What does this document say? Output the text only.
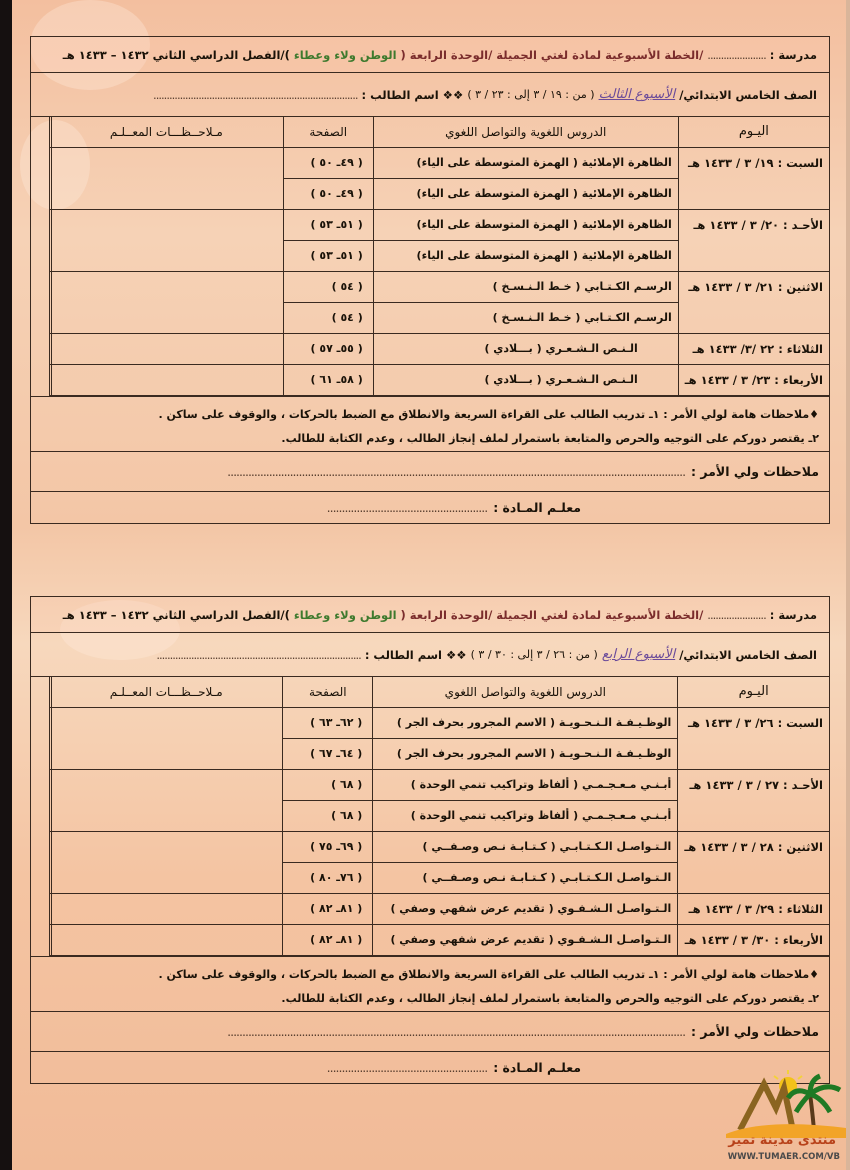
مدرسة :
......................
/الخطة الأسبوعية لمادة لغتي الجميلة /الوحدة الرابعة (
الوطن ولاء وعطاء
)/الفصل الدراسي الثاني ١٤٣٢ – ١٤٣٣ هـ
الصف الخامس الابتدائي/
الأسبوع الثالث
( من : ١٩ / ٣ إلى : ٢٣ / ٣ )
❖❖ اسم الطالب :
.............................................................................
اليـوم	الدروس اللغوية والتواصل اللغوي	الصفحة	مـلاحــظـــات المعــلـم
السبت : ١٩/ ٣ / ١٤٣٣ هـ	الظاهرة الإملائية ( الهمزة المتوسطة على الياء)	( ٤٩ـ ٥٠ )	
	الظاهرة الإملائية ( الهمزة المتوسطة على الياء)	( ٤٩ـ ٥٠ )	
الأحـد : ٢٠/ ٣ / ١٤٣٣ هـ	الظاهرة الإملائية ( الهمزة المتوسطة على الياء)	( ٥١ـ ٥٣ )	
	الظاهرة الإملائية ( الهمزة المتوسطة على الياء)	( ٥١ـ ٥٣ )	
الاثنين : ٢١/ ٣ / ١٤٣٣ هـ	الرسـم الكـتـابي ( خـط الـنـسـخ )	( ٥٤ )	
	الرسـم الكـتـابي ( خـط الـنـسـخ )	( ٥٤ )	
الثلاثاء : ٢٢ /٣/ ١٤٣٣ هـ	الـنـص الـشـعـري ( بـــلادي )	( ٥٥ـ ٥٧ )	
الأربعاء : ٢٣/ ٣ / ١٤٣٣ هـ	الـنـص الـشـعـري ( بـــلادي )	( ٥٨ـ ٦١ )	
♦ملاحظات هامة لولي الأمر : ١ـ تدريب الطالب على القراءة السريعة والانطلاق مع الضبط بالحركات ، والوقوف على ساكن .
٢ـ يقتصر دوركم على التوجيه والحرص والمتابعة باستمرار لملف إنجاز الطالب ، وعدم الكتابة للطالب.
ملاحظات ولي الأمر :
..........................................................................................................................................................
معلـم المـادة :
......................................................
مدرسة :
......................
/الخطة الأسبوعية لمادة لغتي الجميلة /الوحدة الرابعة (
الوطن ولاء وعطاء
)/الفصل الدراسي الثاني ١٤٣٢ – ١٤٣٣ هـ
الصف الخامس الابتدائي/
الأسبوع الرابع
( من : ٢٦ / ٣ إلى : ٣٠ / ٣ )
❖❖ اسم الطالب :
.............................................................................
اليـوم	الدروس اللغوية والتواصل اللغوي	الصفحة	مـلاحــظـــات المعــلـم
السبت : ٢٦/ ٣ / ١٤٣٣ هـ	الوظـيـفـة الـنـحـويـة ( الاسم المجرور بحرف الجر )	( ٦٢ـ ٦٣ )	
	الوظـيـفـة الـنـحـويـة ( الاسم المجرور بحرف الجر )	( ٦٤ـ ٦٧ )	
الأحـد : ٢٧ / ٣ / ١٤٣٣ هـ	أبـنـي مـعـجـمـي ( ألفاظ وتراكيب تنمي الوحدة )	( ٦٨ )	
	أبـنـي مـعـجـمـي ( ألفاظ وتراكيب تنمي الوحدة )	( ٦٨ )	
الاثنين : ٢٨ / ٣ / ١٤٣٣ هـ	الـتـواصـل الـكـتـابـي ( كـتـابـة نـص وصـفــي )	( ٦٩ـ ٧٥ )	
	الـتـواصـل الـكـتـابـي ( كـتـابـة نـص وصـفــي )	( ٧٦ـ ٨٠ )	
الثلاثاء : ٢٩/ ٣ / ١٤٣٣ هـ	الـتـواصـل الـشـفـوي ( تقديم عرض شفهي وصفي )	( ٨١ـ ٨٢ )	
الأربعاء : ٣٠/ ٣ / ١٤٣٣ هـ	الـتـواصـل الـشـفـوي ( تقديم عرض شفهي وصفي )	( ٨١ـ ٨٢ )	
♦ملاحظات هامة لولي الأمر : ١ـ تدريب الطالب على القراءة السريعة والانطلاق مع الضبط بالحركات ، والوقوف على ساكن .
٢ـ يقتصر دوركم على التوجيه والحرص والمتابعة باستمرار لملف إنجاز الطالب ، وعدم الكتابة للطالب.
ملاحظات ولي الأمر :
..........................................................................................................................................................
معلـم المـادة :
......................................................
منتدى مدينة تمير
WWW.TUMAER.COM/VB
